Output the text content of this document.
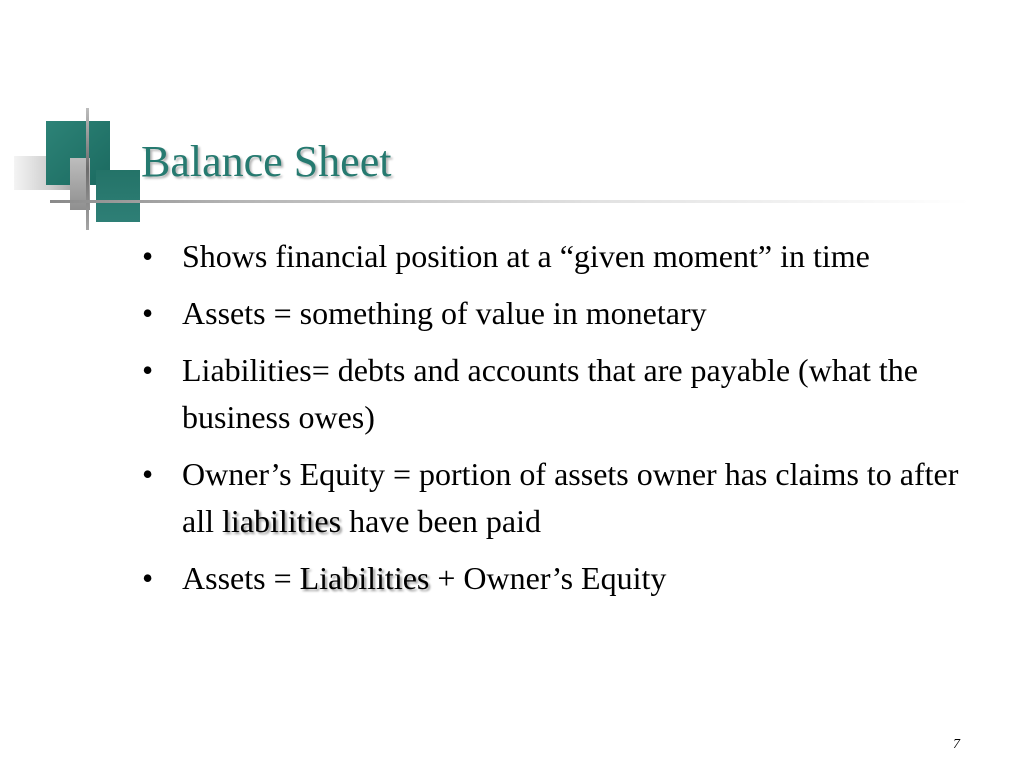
Balance Sheet
• Shows financial position at a “given moment” in time
• Assets = something of value in monetary
• Liabilities= debts and accounts that are payable (what the business owes)
• Owner’s Equity = portion of assets owner has claims to after all liabilities have been paid
• Assets = Liabilities + Owner’s Equity
7
